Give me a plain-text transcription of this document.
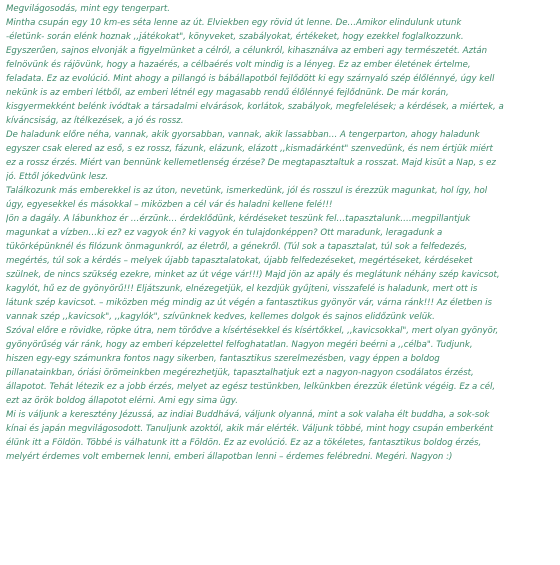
Megvilágosodás, mint egy tengerpart.
Mintha csupán egy 10 km-es séta lenne az út. Elviekben egy rövid út lenne. De…Amikor elindulunk utunk
-életünk- során elénk hoznak ,,játékokat", könyveket, szabályokat, értékeket, hogy ezekkel foglalkozzunk.
Egyszerűen, sajnos elvonják a figyelmünket a célról, a célunkról, kihasználva az emberi agy természetét. Aztán
felnövünk és rájövünk, hogy a hazaérés, a célbaérés volt mindig is a lényeg. Ez az ember életének értelme,
feladata. Ez az evolúció. Mint ahogy a pillangó is bábállapotból fejlődött ki egy szárnyaló szép élőlénnyé, úgy kell
nekünk is az emberi létből, az emberi létnél egy magasabb rendű élőlénnyé fejlődnünk. De már korán,
kisgyermekként belénk ivódtak a társadalmi elvárások, korlátok, szabályok, megfelelések; a kérdések, a miértek, a
kíváncsiság, az ítélkezések, a jó és rossz.
De haladunk előre néha, vannak, akik gyorsabban, vannak, akik lassabban… A tengerparton, ahogy haladunk
egyszer csak elered az eső, s ez rossz, fázunk, elázunk, elázott ,,kismadárként" szenvedünk, és nem értjük miért
ez a rossz érzés. Miért van bennünk kellemetlenség érzése? De megtapasztaltuk a rosszat. Majd kisüt a Nap, s ez
jó. Ettől jókedvünk lesz.
Találkozunk más emberekkel is az úton, nevetünk, ismerkedünk, jól és rosszul is érezzük magunkat, hol így, hol
úgy, egyesekkel és másokkal – miközben a cél vár és haladni kellene felé!!!
Jön a dagály. A lábunkhoz ér …érzünk… érdeklődünk, kérdéseket teszünk fel…tapasztalunk….megpillantjuk
magunkat a vízben…ki ez? ez vagyok én? ki vagyok én tulajdonképpen? Ott maradunk, leragadunk a
tükörképünknél és filózunk önmagunkról, az életről, a génekről. (Túl sok a tapasztalat, túl sok a felfedezés,
megértés, túl sok a kérdés – melyek újabb tapasztalatokat, újabb felfedezéseket, megértéseket, kérdéseket
szülnek, de nincs szükség ezekre, minket az út vége vár!!!) Majd jön az apály és meglátunk néhány szép kavicsot,
kagylót, hű ez de gyönyörű!!! Eljátszunk, elnézegetjük, el kezdjük gyűjteni, visszafelé is haladunk, mert ott is
látunk szép kavicsot. – miközben még mindig az út végén a fantasztikus gyönyör vár, várna ránk!!! Az életben is
vannak szép ,,kavicsok", ,,kagylók", szívünknek kedves, kellemes dolgok és sajnos elidőzünk velük.
Szóval előre e rövidke, röpke útra, nem törődve a kísértésekkel és kísértőkkel, ,,kavicsokkal", mert olyan gyönyör,
gyönyörűség vár ránk, hogy az emberi képzelettel felfoghatatlan. Nagyon megéri beérni a ,,célba". Tudjunk,
hiszen egy-egy számunkra fontos nagy sikerben, fantasztikus szerelmezésben, vagy éppen a boldog
pillanatainkban, óriási örömeinkben megérezhetjük, tapasztalhatjuk ezt a nagyon-nagyon csodálatos érzést,
állapotot. Tehát létezik ez a jobb érzés, melyet az egész testünkben, lelkünkben érezzük életünk végéig. Ez a cél,
ezt az örök boldog állapotot elérni. Ami egy sima ügy.
Mi is váljunk a keresztény Jézussá, az indiai Buddhává, váljunk olyanná, mint a sok valaha élt buddha, a sok-sok
kínai és japán megvilágosodott. Tanuljunk azoktól, akik már elérték. Váljunk többé, mint hogy csupán emberként
élünk itt a Földön. Többé is válhatunk itt a Földön. Ez az evolúció. Ez az a tökéletes, fantasztikus boldog érzés,
melyért érdemes volt embernek lenni, emberi állapotban lenni – érdemes felébredni. Megéri. Nagyon :)
